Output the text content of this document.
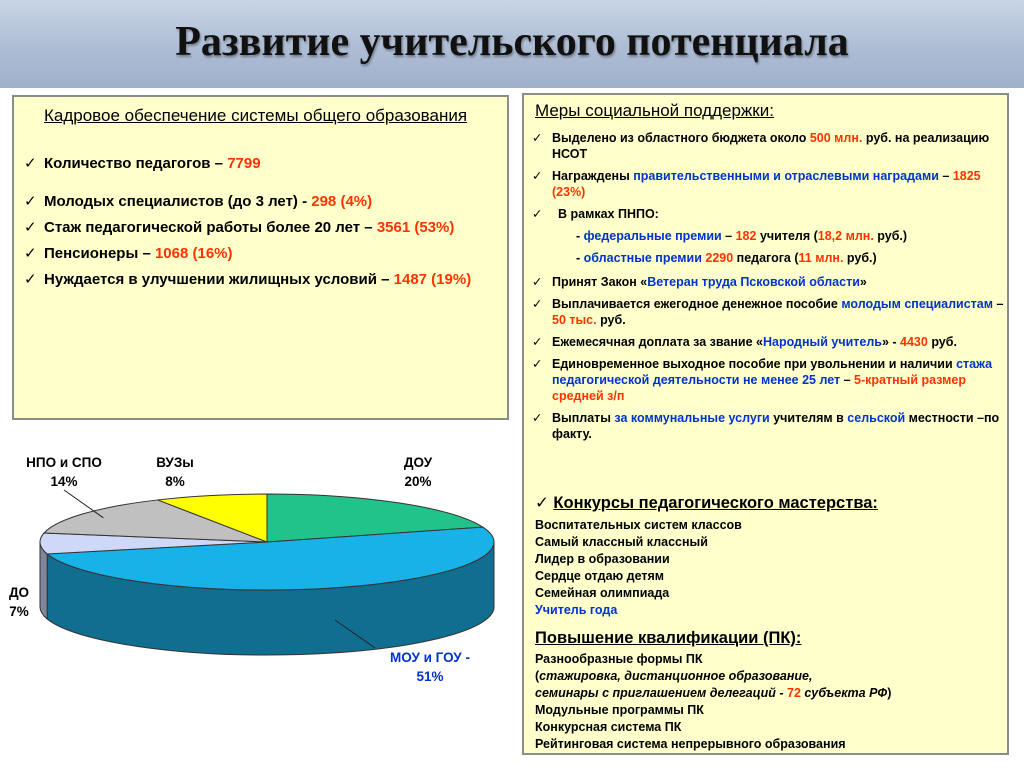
Развитие учительского потенциала
Кадровое обеспечение системы общего образования
✓ Количество педагогов – 7799
✓ Молодых специалистов (до 3 лет) - 298 (4%)
✓ Стаж педагогической работы более 20 лет – 3561 (53%)
✓ Пенсионеры – 1068 (16%)
✓ Нуждается в улучшении жилищных условий – 1487 (19%)
Меры социальной поддержки:
✓ Выделено из областного бюджета около 500 млн. руб. на реализацию НСОТ
✓ Награждены правительственными и отраслевыми наградами – 1825 (23%)
✓ В рамках ПНПО:
- федеральные премии – 182 учителя (18,2 млн. руб.)
- областные премии 2290 педагога (11 млн. руб.)
✓ Принят Закон «Ветеран труда Псковской области»
✓ Выплачивается ежегодное денежное пособие молодым специалистам – 50 тыс. руб.
✓ Ежемесячная доплата за звание «Народный учитель» - 4430 руб.
✓ Единовременное выходное пособие при увольнении и наличии стажа педагогической деятельности не менее 25 лет – 5-кратный размер средней з/п
✓ Выплаты за коммунальные услуги учителям в сельской местности –по факту.
✓ Конкурсы педагогического мастерства:
Воспитательных систем классов
Самый классный классный
Лидер в образовании
Сердце отдаю детям
Семейная олимпиада
Учитель года
Повышение квалификации (ПК):
Разнообразные формы ПК
(стажировка, дистанционное образование,
семинары с приглашением делегаций - 72 субъекта РФ)
Модульные программы ПК
Конкурсная система ПК
Рейтинговая система непрерывного образования
НПО и СПО
14%
ВУЗы
8%
ДОУ
20%
ДО
7%
МОУ и ГОУ -
51%
